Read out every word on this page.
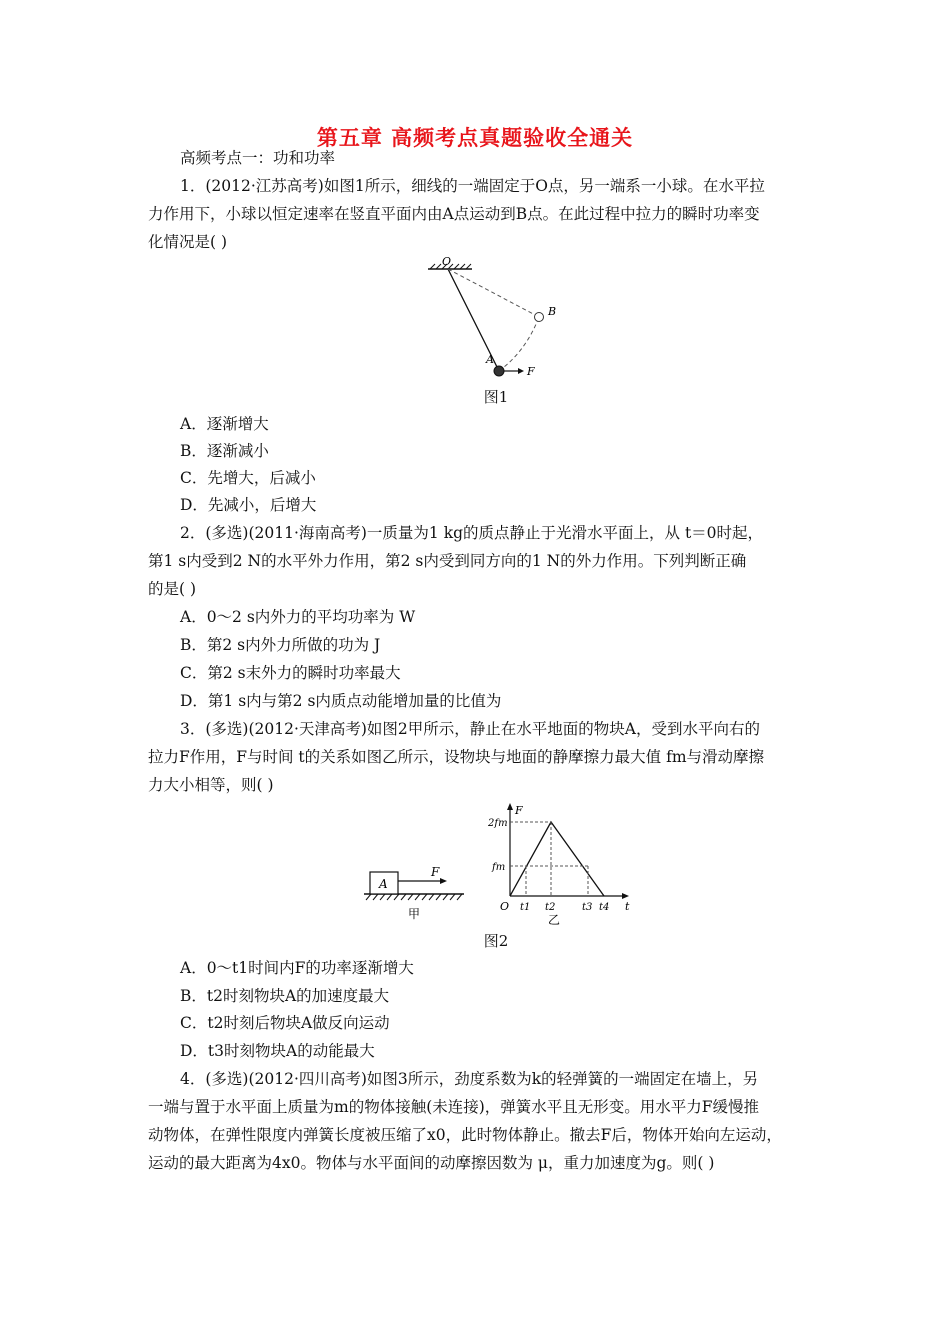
第五章 高频考点真题验收全通关
高频考点一：功和功率
1．(2012·江苏高考)如图1所示，细线的一端固定于O点，另一端系一小球。在水平拉
力作用下，小球以恒定速率在竖直平面内由A点运动到B点。在此过程中拉力的瞬时功率变
化情况是( )
O
B
A
F
图1
A．逐渐增大
B．逐渐减小
C．先增大，后减小
D．先减小，后增大
2．(多选)(2011·海南高考)一质量为1 kg的质点静止于光滑水平面上，从 t＝0时起，
第1 s内受到2 N的水平外力作用，第2 s内受到同方向的1 N的外力作用。下列判断正确
的是( )
A．0～2 s内外力的平均功率为 W
B．第2 s内外力所做的功为 J
C．第2 s末外力的瞬时功率最大
D．第1 s内与第2 s内质点动能增加量的比值为
3．(多选)(2012·天津高考)如图2甲所示，静止在水平地面的物块A，受到水平向右的
拉力F作用，F与时间 t的关系如图乙所示，设物块与地面的静摩擦力最大值 fm与滑动摩擦
力大小相等，则( )
A
F
甲
F
t
O
2fm
fm
t1 t2	t3 t4
乙
图2
A．0～t1时间内F的功率逐渐增大
B．t2时刻物块A的加速度最大
C．t2时刻后物块A做反向运动
D．t3时刻物块A的动能最大
4．(多选)(2012·四川高考)如图3所示，劲度系数为k的轻弹簧的一端固定在墙上，另
一端与置于水平面上质量为m的物体接触(未连接)，弹簧水平且无形变。用水平力F缓慢推
动物体，在弹性限度内弹簧长度被压缩了x0，此时物体静止。撤去F后，物体开始向左运动，
运动的最大距离为4x0。物体与水平面间的动摩擦因数为 μ，重力加速度为g。则( )
